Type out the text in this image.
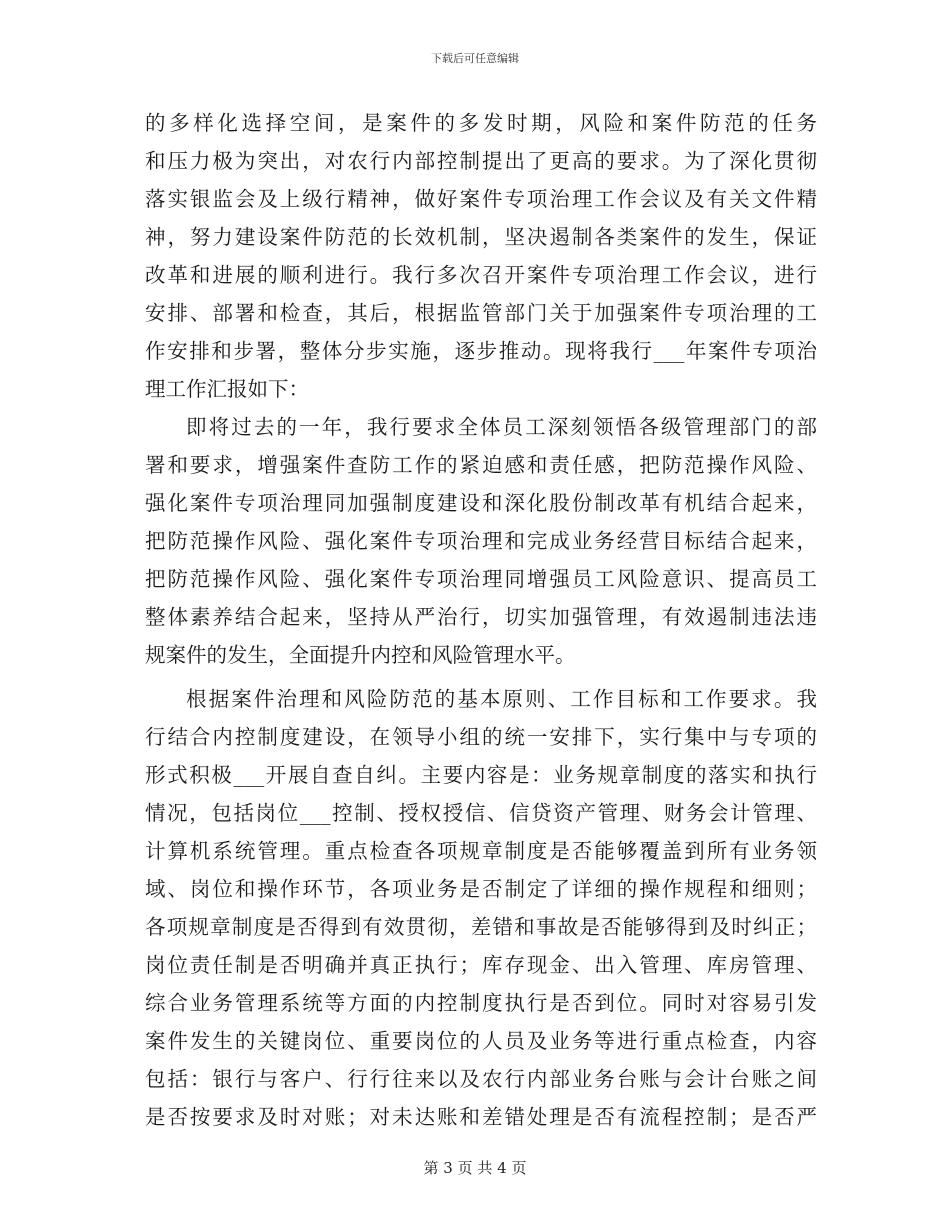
下载后可任意编辑
的多样化选择空间，是案件的多发时期，风险和案件防范的任务
和压力极为突出，对农行内部控制提出了更高的要求。为了深化贯彻
落实银监会及上级行精神，做好案件专项治理工作会议及有关文件精
神，努力建设案件防范的长效机制，坚决遏制各类案件的发生，保证
改革和进展的顺利进行。我行多次召开案件专项治理工作会议，进行
安排、部署和检查，其后，根据监管部门关于加强案件专项治理的工
作安排和步署，整体分步实施，逐步推动。现将我行___年案件专项治
理工作汇报如下：
即将过去的一年，我行要求全体员工深刻领悟各级管理部门的部
署和要求，增强案件查防工作的紧迫感和责任感，把防范操作风险、
强化案件专项治理同加强制度建设和深化股份制改革有机结合起来，
把防范操作风险、强化案件专项治理和完成业务经营目标结合起来，
把防范操作风险、强化案件专项治理同增强员工风险意识、提高员工
整体素养结合起来，坚持从严治行，切实加强管理，有效遏制违法违
规案件的发生，全面提升内控和风险管理水平。
根据案件治理和风险防范的基本原则、工作目标和工作要求。我
行结合内控制度建设，在领导小组的统一安排下，实行集中与专项的
形式积极___开展自查自纠。主要内容是：业务规章制度的落实和执行
情况，包括岗位___控制、授权授信、信贷资产管理、财务会计管理、
计算机系统管理。重点检查各项规章制度是否能够覆盖到所有业务领
域、岗位和操作环节，各项业务是否制定了详细的操作规程和细则；
各项规章制度是否得到有效贯彻，差错和事故是否能够得到及时纠正；
岗位责任制是否明确并真正执行；库存现金、出入管理、库房管理、
综合业务管理系统等方面的内控制度执行是否到位。同时对容易引发
案件发生的关键岗位、重要岗位的人员及业务等进行重点检查，内容
包括：银行与客户、行行往来以及农行内部业务台账与会计台账之间
是否按要求及时对账；对未达账和差错处理是否有流程控制；是否严
第 3 页 共 4 页
